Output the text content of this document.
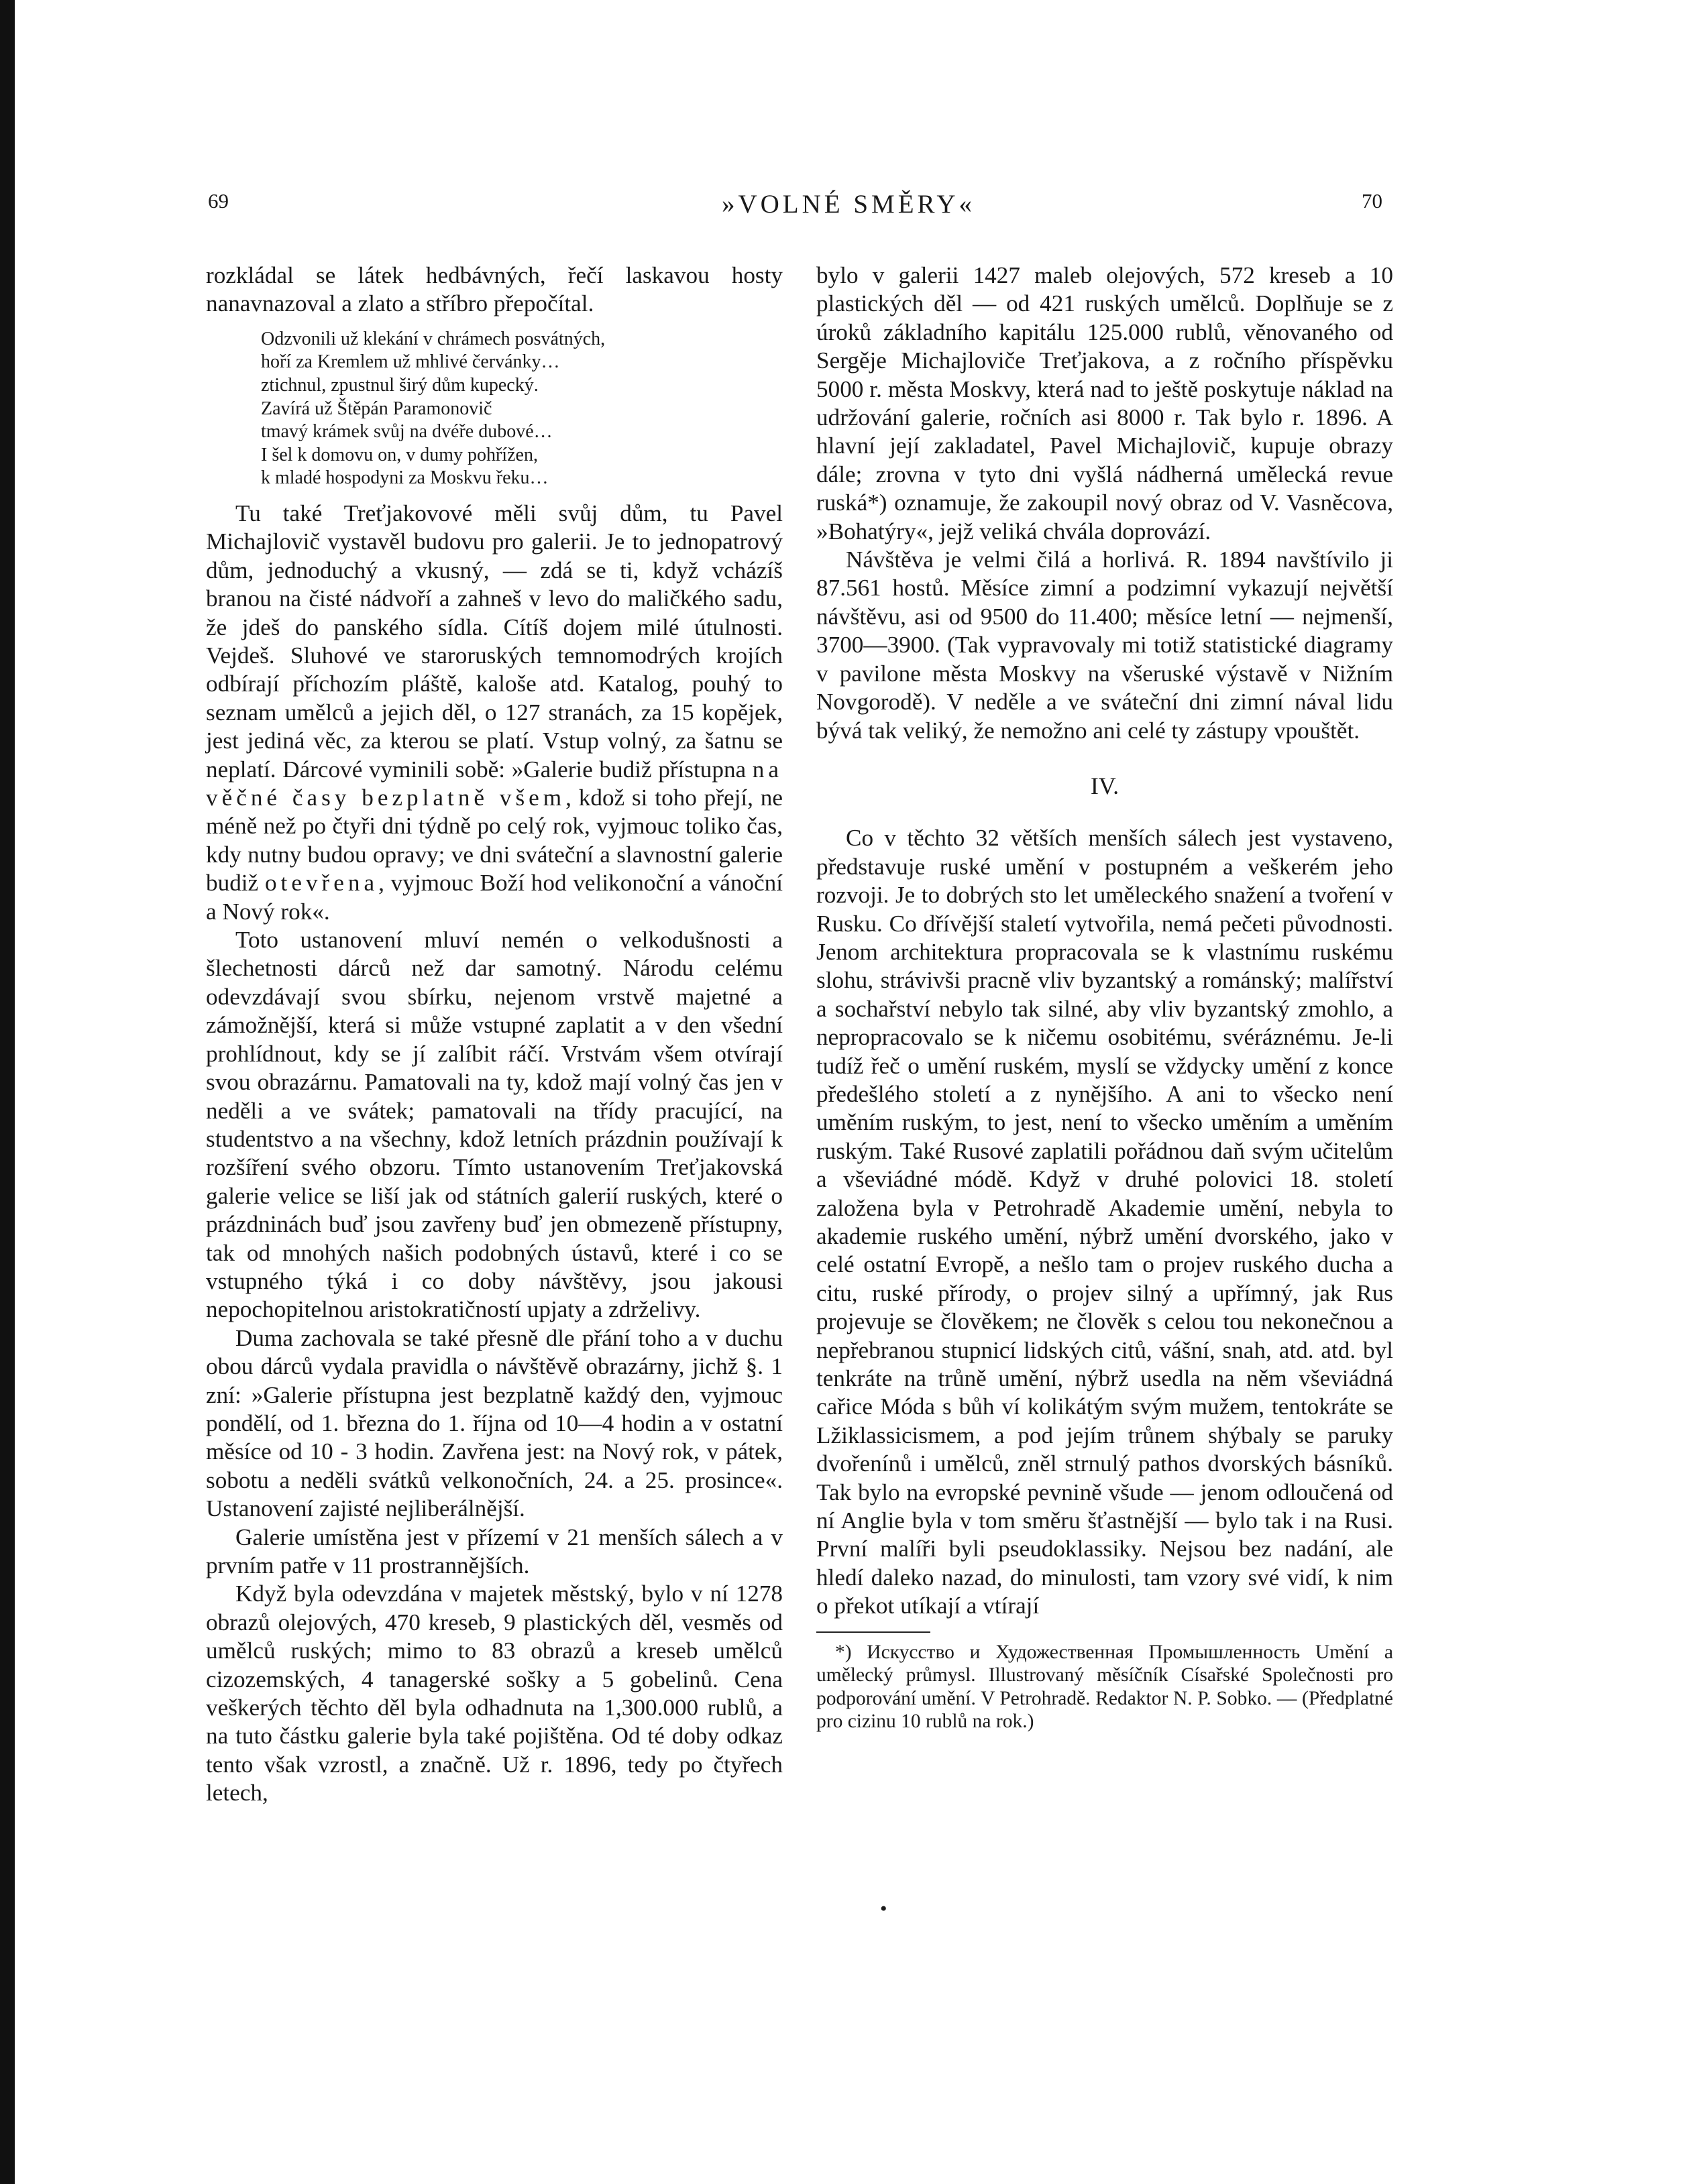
69	»VOLNÉ SMĚRY«	70

rozkládal se látek hedbávných, řečí laskavou hosty nanavnazoval a zlato a stříbro přepočítal.

Odzvonili už klekání v chrámech posvátných,
hoří za Kremlem už mhlivé červánky…
ztichnul, zpustnul širý dům kupecký.
Zavírá už Štěpán Paramonovič
tmavý krámek svůj na dvéře dubové…
I šel k domovu on, v dumy pohřížen,
k mladé hospodyni za Moskvu řeku…

Tu také Treťjakovové měli svůj dům, tu Pavel Michajlovič vystavěl budovu pro galerii. Je to jednopatrový dům, jednoduchý a vkusný, — zdá se ti, když vcházíš branou na čisté nádvoří a zahneš v levo do maličkého sadu, že jdeš do panského sídla. Cítíš dojem milé útulnosti. Vejdeš. Sluhové ve staroruských temnomodrých krojích odbírají příchozím pláště, kaloše atd. Katalog, pouhý to seznam umělců a jejich děl, o 127 stranách, za 15 kopějek, jest jediná věc, za kterou se platí. Vstup volný, za šatnu se neplatí. Dárcové vyminili sobě: »Galerie budiž přístupna na věčné časy bezplatně všem, kdož si toho přejí, ne méně než po čtyři dni týdně po celý rok, vyjmouc toliko čas, kdy nutny budou opravy; ve dni sváteční a slavnostní galerie budiž otevřena, vyjmouc Boží hod velikonoční a vánoční a Nový rok«.

Toto ustanovení mluví nemén o velkodušnosti a šlechetnosti dárců než dar samotný. Národu celému odevzdávají svou sbírku, nejenom vrstvě majetné a zámožnější, která si může vstupné zaplatit a v den všední prohlídnout, kdy se jí zalíbit ráčí. Vrstvám všem otvírají svou obrazárnu. Pamatovali na ty, kdož mají volný čas jen v neděli a ve svátek; pamatovali na třídy pracující, na studentstvo a na všechny, kdož letních prázdnin používají k rozšíření svého obzoru. Tímto ustanovením Treťjakovská galerie velice se liší jak od státních galerií ruských, které o prázdninách buď jsou zavřeny buď jen obmezeně přístupny, tak od mnohých našich podobných ústavů, které i co se vstupného týká i co doby návštěvy, jsou jakousi nepochopitelnou aristokratičností upjaty a zdrželivy.

Duma zachovala se také přesně dle přání toho a v duchu obou dárců vydala pravidla o návštěvě obrazárny, jichž §. 1 zní: »Galerie přístupna jest bezplatně každý den, vyjmouc pondělí, od 1. března do 1. října od 10—4 hodin a v ostatní měsíce od 10 - 3 hodin. Zavřena jest: na Nový rok, v pátek, sobotu a neděli svátků velkonočních, 24. a 25. prosince«. Ustanovení zajisté nejliberálnější.

Galerie umístěna jest v přízemí v 21 menších sálech a v prvním patře v 11 prostrannějších.

Když byla odevzdána v majetek městský, bylo v ní 1278 obrazů olejových, 470 kreseb, 9 plastických děl, vesměs od umělců ruských; mimo to 83 obrazů a kreseb umělců cizozemských, 4 tanagerské sošky a 5 gobelinů. Cena veškerých těchto děl byla odhadnuta na 1,300.000 rublů, a na tuto částku galerie byla také pojištěna. Od té doby odkaz tento však vzrostl, a značně. Už r. 1896, tedy po čtyřech letech,

bylo v galerii 1427 maleb olejových, 572 kreseb a 10 plastických děl — od 421 ruských umělců. Doplňuje se z úroků základního kapitálu 125.000 rublů, věnovaného od Sergěje Michajloviče Treťjakova, a z ročního příspěvku 5000 r. města Moskvy, která nad to ještě poskytuje náklad na udržování galerie, ročních asi 8000 r. Tak bylo r. 1896. A hlavní její zakladatel, Pavel Michajlovič, kupuje obrazy dále; zrovna v tyto dni vyšlá nádherná umělecká revue ruská*) oznamuje, že zakoupil nový obraz od V. Vasněcova, »Bohatýry«, jejž veliká chvála doprovází.

Návštěva je velmi čilá a horlivá. R. 1894 navštívilo ji 87.561 hostů. Měsíce zimní a podzimní vykazují největší návštěvu, asi od 9500 do 11.400; měsíce letní — nejmenší, 3700—3900. (Tak vypravovaly mi totiž statistické diagramy v pavilone města Moskvy na všeruské výstavě v Nižním Novgorodě). V neděle a ve sváteční dni zimní nával lidu bývá tak veliký, že nemožno ani celé ty zástupy vpouštět.

IV.

Co v těchto 32 větších menších sálech jest vystaveno, představuje ruské umění v postupném a veškerém jeho rozvoji. Je to dobrých sto let uměleckého snažení a tvoření v Rusku. Co dřívější staletí vytvořila, nemá pečeti původnosti. Jenom architektura propracovala se k vlastnímu ruskému slohu, strávivši pracně vliv byzantský a románský; malířství a sochařství nebylo tak silné, aby vliv byzantský zmohlo, a nepropracovalo se k ničemu osobitému, svéráznému. Je-li tudíž řeč o umění ruském, myslí se vždycky umění z konce předešlého století a z nynějšího. A ani to všecko není uměním ruským, to jest, není to všecko uměním a uměním ruským. Také Rusové zaplatili pořádnou daň svým učitelům a vševiádné módě. Když v druhé polovici 18. století založena byla v Petrohradě Akademie umění, nebyla to akademie ruského umění, nýbrž umění dvorského, jako v celé ostatní Evropě, a nešlo tam o projev ruského ducha a citu, ruské přírody, o projev silný a upřímný, jak Rus projevuje se člověkem; ne člověk s celou tou nekonečnou a nepřebranou stupnicí lidských citů, vášní, snah, atd. atd. byl tenkráte na trůně umění, nýbrž usedla na něm vševiádná cařice Móda s bůh ví kolikátým svým mužem, tentokráte se Lžiklassicismem, a pod jejím trůnem shýbaly se paruky dvořenínů i umělců, zněl strnulý pathos dvorských básníků. Tak bylo na evropské pevnině všude — jenom odloučená od ní Anglie byla v tom směru šťastnější — bylo tak i na Rusi. První malíři byli pseudoklassiky. Nejsou bez nadání, ale hledí daleko nazad, do minulosti, tam vzory své vidí, k nim o překot utíkají a vtírají

*) Искусство и Художественная Промышленность Umění a umělecký průmysl. Illustrovaný měsíčník Císařské Společnosti pro podporování umění. V Petrohradě. Redaktor N. P. Sobko. — (Předplatné pro cizinu 10 rublů na rok.)

•
